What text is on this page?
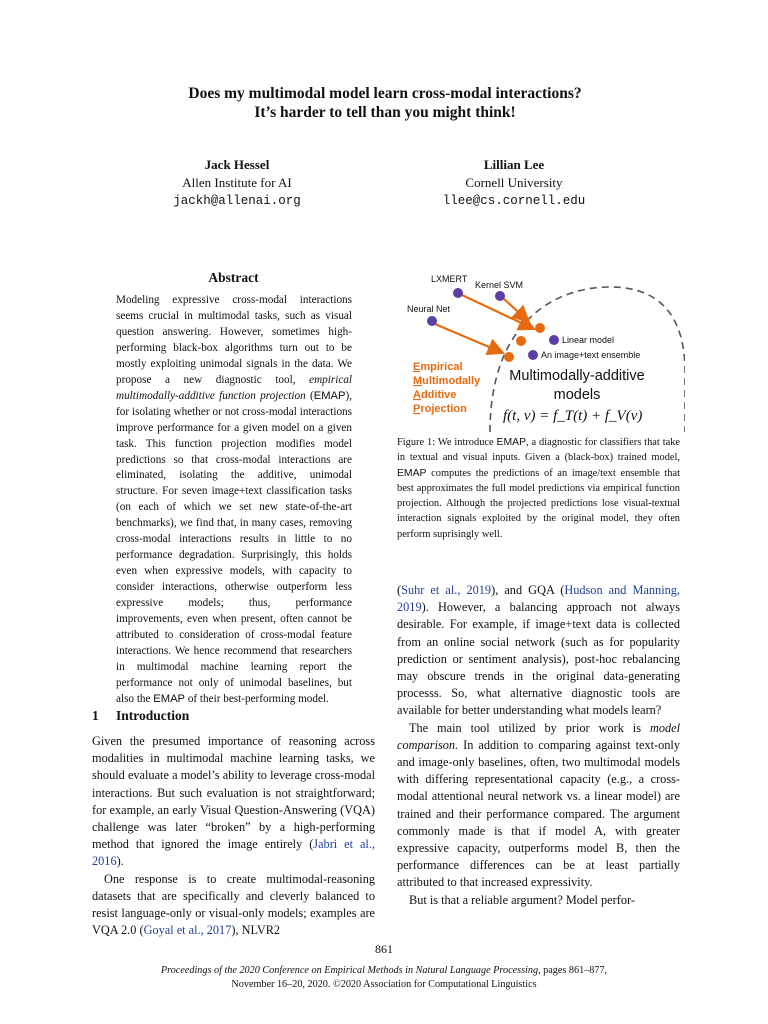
Does my multimodal model learn cross-modal interactions?
It’s harder to tell than you might think!
Jack Hessel
Allen Institute for AI
jackh@allenai.org
Lillian Lee
Cornell University
llee@cs.cornell.edu
Abstract
Modeling expressive cross-modal interactions seems crucial in multimodal tasks, such as visual question answering. However, sometimes high-performing black-box algorithms turn out to be mostly exploiting unimodal signals in the data. We propose a new diagnostic tool, empirical multimodally-additive function projection (EMAP), for isolating whether or not cross-modal interactions improve performance for a given model on a given task. This function projection modifies model predictions so that cross-modal interactions are eliminated, isolating the additive, unimodal structure. For seven image+text classification tasks (on each of which we set new state-of-the-art benchmarks), we find that, in many cases, removing cross-modal interactions results in little to no performance degradation. Surprisingly, this holds even when expressive models, with capacity to consider interactions, otherwise outperform less expressive models; thus, performance improvements, even when present, often cannot be attributed to consideration of cross-modal feature interactions. We hence recommend that researchers in multimodal machine learning report the performance not only of unimodal baselines, but also the EMAP of their best-performing model.
1 Introduction

Given the presumed importance of reasoning across modalities in multimodal machine learning tasks, we should evaluate a model’s ability to leverage cross-modal interactions. But such evaluation is not straightforward; for example, an early Visual Question-Answering (VQA) challenge was later “broken” by a high-performing method that ignored the image entirely (Jabri et al., 2016).

One response is to create multimodal-reasoning datasets that are specifically and cleverly balanced to resist language-only or visual-only models; examples are VQA 2.0 (Goyal et al., 2017), NLVR2

LXMERT
Kernel SVM
Neural Net
Linear model
An image+text ensemble
Multimodally-additive
models
Empirical
Multimodally
Additive
Projection f(t, v) = f_T(t) + f_V(v)
Figure 1: We introduce EMAP, a diagnostic for classifiers that take in textual and visual inputs. Given a (black-box) trained model, EMAP computes the predictions of an image/text ensemble that best approximates the full model predictions via empirical function projection. Although the projected predictions lose visual-textual interaction signals exploited by the original model, they often perform suprisingly well.

(Suhr et al., 2019), and GQA (Hudson and Manning, 2019). However, a balancing approach not always desirable. For example, if image+text data is collected from an online social network (such as for popularity prediction or sentiment analysis), post-hoc rebalancing may obscure trends in the original data-generating processs. So, what alternative diagnostic tools are available for better understanding what models learn?

The main tool utilized by prior work is model comparison. In addition to comparing against text-only and image-only baselines, often, two multimodal models with differing representational capacity (e.g., a cross-modal attentional neural network vs. a linear model) are trained and their performance compared. The argument commonly made is that if model A, with greater expressive capacity, outperforms model B, then the performance differences can be at least partially attributed to that increased expressivity.

But is that a reliable argument? Model perfor-

861
Proceedings of the 2020 Conference on Empirical Methods in Natural Language Processing, pages 861–877,
November 16–20, 2020. ©2020 Association for Computational Linguistics
